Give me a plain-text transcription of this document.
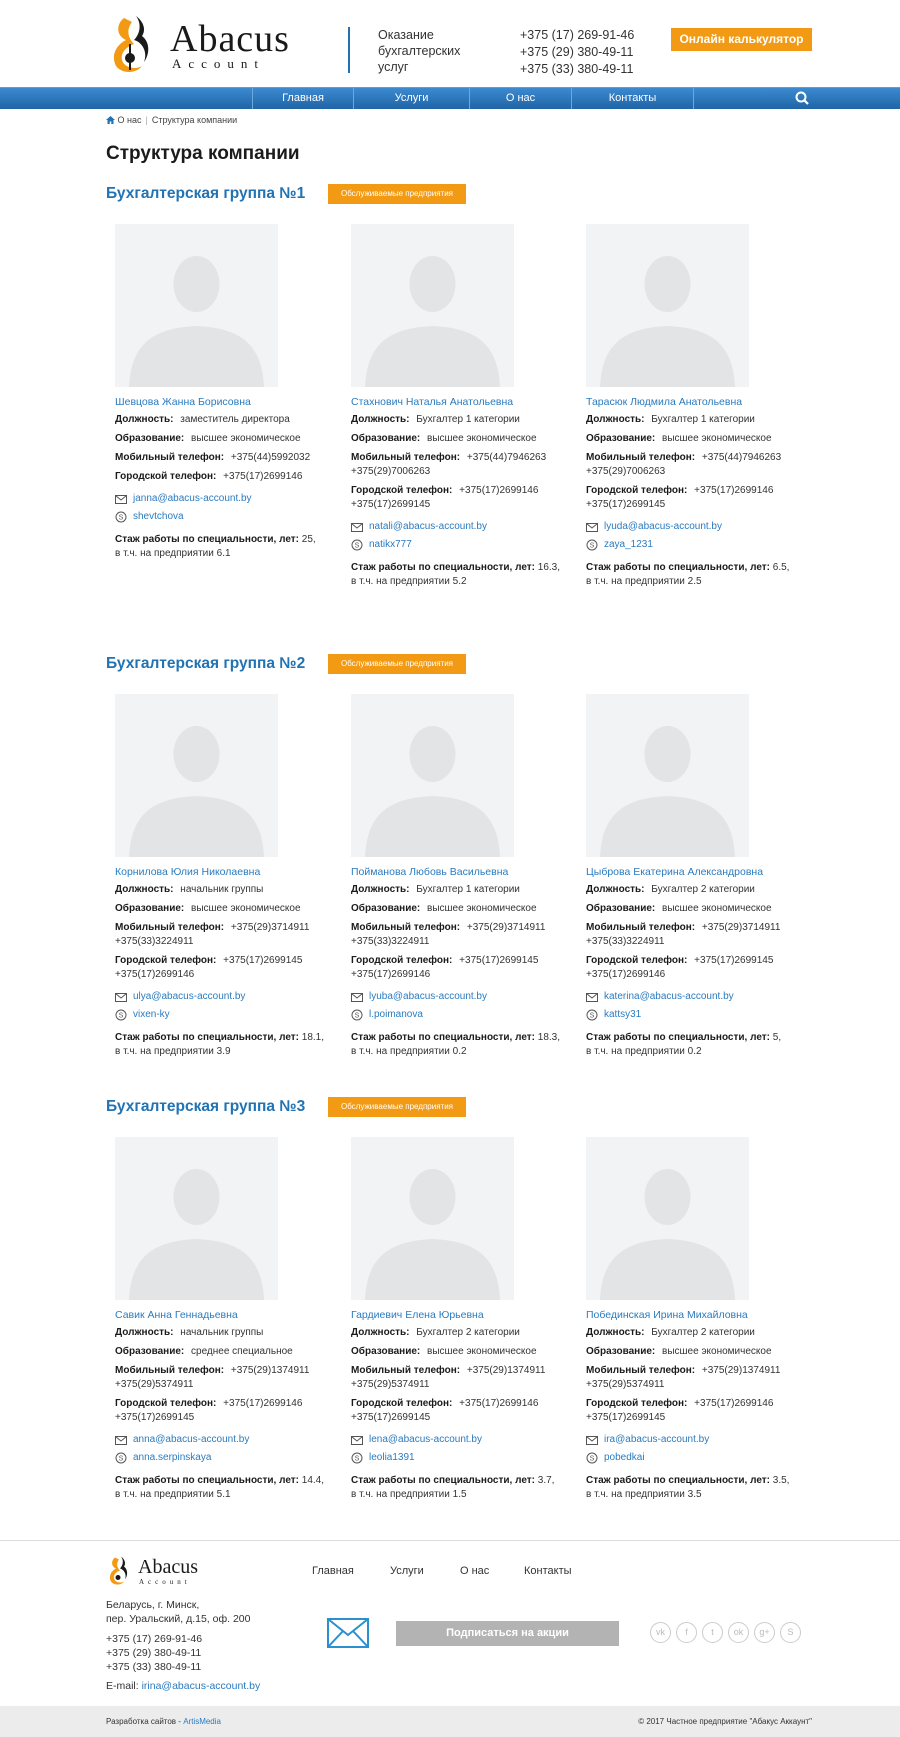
Abacus
Account
Оказание бухгалтерских услуг
+375 (17) 269-91-46
+375 (29) 380-49-11
+375 (33) 380-49-11
Онлайн калькулятор
Главная	Услуги	О нас	Контакты
О нас | Структура компании
Структура компании
Бухгалтерская группа №1	Обслуживаемые предприятия
Шевцова Жанна Борисовна
Должность: заместитель директора
Образование: высшее экономическое
Мобильный телефон: +375(44)5992032
Городской телефон: +375(17)2699146
janna@abacus-account.by
S shevtchova
Стаж работы по специальности, лет: 25,
в т.ч. на предприятии 6.1
Стахнович Наталья Анатольевна
Должность: Бухгалтер 1 категории
Образование: высшее экономическое
Мобильный телефон: +375(44)7946263 +375(29)7006263
Городской телефон: +375(17)2699146 +375(17)2699145
natali@abacus-account.by
S natikx777
Стаж работы по специальности, лет: 16.3,
в т.ч. на предприятии 5.2
Тарасюк Людмила Анатольевна
Должность: Бухгалтер 1 категории
Образование: высшее экономическое
Мобильный телефон: +375(44)7946263 +375(29)7006263
Городской телефон: +375(17)2699146 +375(17)2699145
lyuda@abacus-account.by
S zaya_1231
Стаж работы по специальности, лет: 6.5,
в т.ч. на предприятии 2.5
Бухгалтерская группа №2	Обслуживаемые предприятия
Корнилова Юлия Николаевна
Должность: начальник группы
Образование: высшее экономическое
Мобильный телефон: +375(29)3714911 +375(33)3224911
Городской телефон: +375(17)2699145 +375(17)2699146
ulya@abacus-account.by
S vixen-ky
Стаж работы по специальности, лет: 18.1,
в т.ч. на предприятии 3.9
Пойманова Любовь Васильевна
Должность: Бухгалтер 1 категории
Образование: высшее экономическое
Мобильный телефон: +375(29)3714911 +375(33)3224911
Городской телефон: +375(17)2699145 +375(17)2699146
lyuba@abacus-account.by
S l.poimanova
Стаж работы по специальности, лет: 18.3,
в т.ч. на предприятии 0.2
Цыброва Екатерина Александровна
Должность: Бухгалтер 2 категории
Образование: высшее экономическое
Мобильный телефон: +375(29)3714911 +375(33)3224911
Городской телефон: +375(17)2699145 +375(17)2699146
katerina@abacus-account.by
S kattsy31
Стаж работы по специальности, лет: 5,
в т.ч. на предприятии 0.2
Бухгалтерская группа №3	Обслуживаемые предприятия
Савик Анна Геннадьевна
Должность: начальник группы
Образование: среднее специальное
Мобильный телефон: +375(29)1374911 +375(29)5374911
Городской телефон: +375(17)2699146 +375(17)2699145
anna@abacus-account.by
S anna.serpinskaya
Стаж работы по специальности, лет: 14.4,
в т.ч. на предприятии 5.1
Гардиевич Елена Юрьевна
Должность: Бухгалтер 2 категории
Образование: высшее экономическое
Мобильный телефон: +375(29)1374911 +375(29)5374911
Городской телефон: +375(17)2699146 +375(17)2699145
lena@abacus-account.by
S leolia1391
Стаж работы по специальности, лет: 3.7,
в т.ч. на предприятии 1.5
Побединская Ирина Михайловна
Должность: Бухгалтер 2 категории
Образование: высшее экономическое
Мобильный телефон: +375(29)1374911 +375(29)5374911
Городской телефон: +375(17)2699146 +375(17)2699145
ira@abacus-account.by
S pobedkai
Стаж работы по специальности, лет: 3.5,
в т.ч. на предприятии 3.5
Abacus
Account
Главная	Услуги	О нас	Контакты
Беларусь, г. Минск,
пер. Уральский, д.15, оф. 200
+375 (17) 269-91-46
+375 (29) 380-49-11
+375 (33) 380-49-11
E-mail: irina@abacus-account.by
Подписаться на акции	vk	f	t	ok	g+	S
Разработка сайтов - ArtisMedia	© 2017 Частное предприятие "Абакус Аккаунт"
